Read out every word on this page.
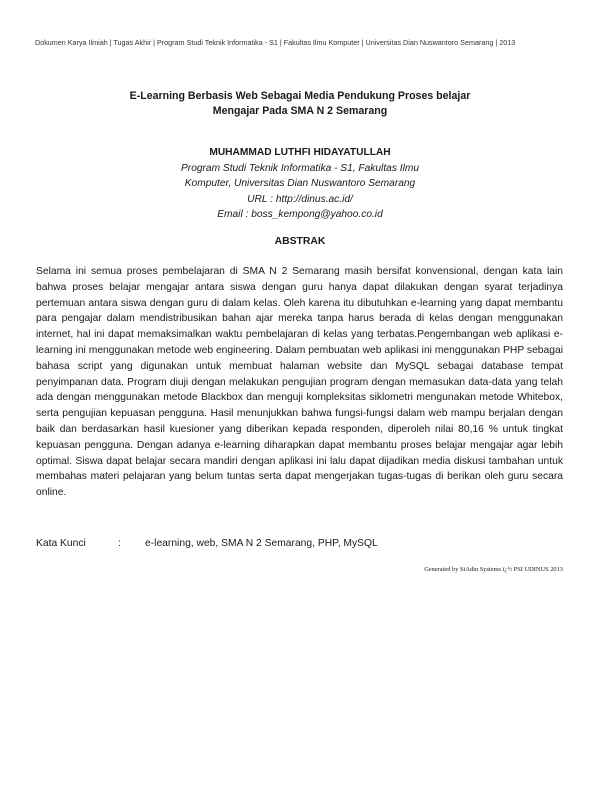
Dokumen Karya Ilmiah | Tugas Akhir | Program Studi Teknik Informatika - S1 | Fakultas Ilmu Komputer | Universitas Dian Nuswantoro Semarang | 2013
E-Learning Berbasis Web Sebagai Media Pendukung Proses belajar
Mengajar Pada SMA N 2 Semarang
MUHAMMAD LUTHFI HIDAYATULLAH
Program Studi Teknik Informatika - S1, Fakultas Ilmu
Komputer, Universitas Dian Nuswantoro Semarang
URL : http://dinus.ac.id/
Email : boss_kempong@yahoo.co.id
ABSTRAK
Selama ini semua proses pembelajaran di SMA N 2 Semarang masih bersifat konvensional, dengan kata lain bahwa proses belajar mengajar antara siswa dengan guru hanya dapat dilakukan dengan syarat terjadinya pertemuan antara siswa dengan guru di dalam kelas. Oleh karena itu dibutuhkan e-learning yang dapat membantu para pengajar dalam mendistribusikan bahan ajar mereka tanpa harus berada di kelas dengan menggunakan internet, hal ini dapat memaksimalkan waktu pembelajaran di kelas yang terbatas.Pengembangan web aplikasi e-learning ini menggunakan metode web engineering. Dalam pembuatan web aplikasi ini menggunakan PHP sebagai bahasa script yang digunakan untuk membuat halaman website dan MySQL sebagai database tempat penyimpanan data. Program diuji dengan melakukan pengujian program dengan memasukan data-data yang telah ada dengan menggunakan metode Blackbox dan menguji kompleksitas siklometri mengunakan metode Whitebox, serta pengujian kepuasan pengguna. Hasil menunjukkan bahwa fungsi-fungsi dalam web mampu berjalan dengan baik dan berdasarkan hasil kuesioner yang diberikan kepada responden, diperoleh nilai 80,16 % untuk tingkat kepuasan pengguna. Dengan adanya e-learning diharapkan dapat membantu proses belajar mengajar agar lebih optimal. Siswa dapat belajar secara mandiri dengan aplikasi ini lalu dapat dijadikan media diskusi tambahan untuk membahas materi pelajaran yang belum tuntas serta dapat mengerjakan tugas-tugas di berikan oleh guru secara online.
Kata Kunci	:	e-learning, web, SMA N 2 Semarang, PHP, MySQL
Generated by SiAdin Systems ï¿½ PSI UDINUS 2013
